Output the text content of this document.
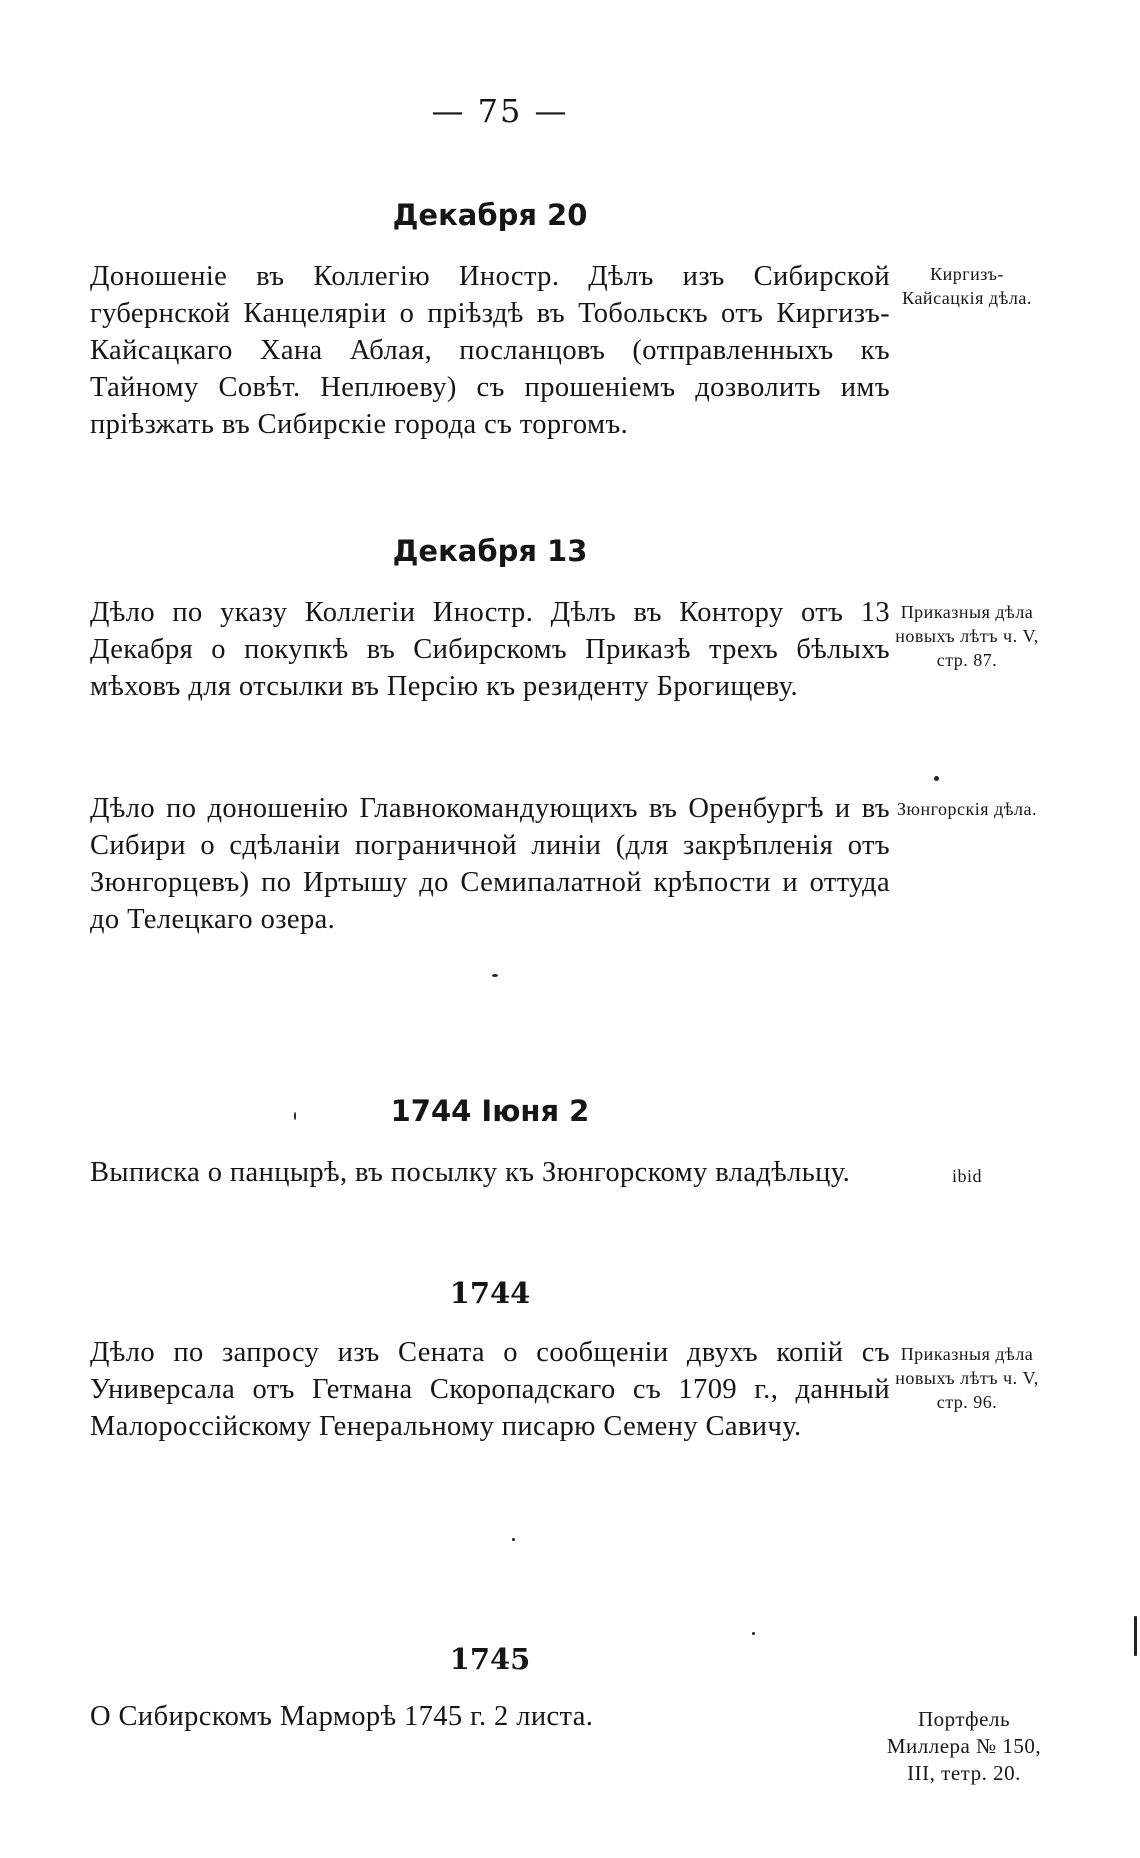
— 75 —
Декабря 20
Доношеніе въ Коллегію Иностр. Дѣлъ изъ Сибирской губернской Канцеляріи о пріѣздѣ въ Тобольскъ отъ Киргизъ-Кайсацкаго Хана Аблая, посланцовъ (отправленныхъ къ Тайному Совѣт. Неплюеву) съ прошеніемъ дозволить имъ пріѣзжать въ Сибирскіе города съ торгомъ.
Киргизъ-Кайсацкія дѣла.
Декабря 13
Дѣло по указу Коллегіи Иностр. Дѣлъ въ Контору отъ 13 Декабря о покупкѣ въ Сибирскомъ Приказѣ трехъ бѣлыхъ мѣховъ для отсылки въ Персію къ резиденту Брогищеву.
Приказныя дѣла новыхъ лѣтъ ч. V, стр. 87.
Дѣло по доношенію Главнокомандующихъ въ Оренбургѣ и въ Сибири о сдѣланіи пограничной линіи (для закрѣпленія отъ Зюнгорцевъ) по Иртышу до Семипалатной крѣпости и оттуда до Телецкаго озера.
Зюнгорскія дѣла.
1744 Іюня 2
Выписка о панцырѣ, въ посылку къ Зюнгорскому владѣльцу.	ibid
1744
Дѣло по запросу изъ Сената о сообщеніи двухъ копій съ Универсала отъ Гетмана Скоропадскаго съ 1709 г., данный Малороссійскому Генеральному писарю Семену Савичу.
Приказныя дѣла новыхъ лѣтъ ч. V, стр. 96.
1745
О Сибирскомъ Марморѣ 1745 г. 2 листа.	Портфель Миллера № 150, III, тетр. 20.
